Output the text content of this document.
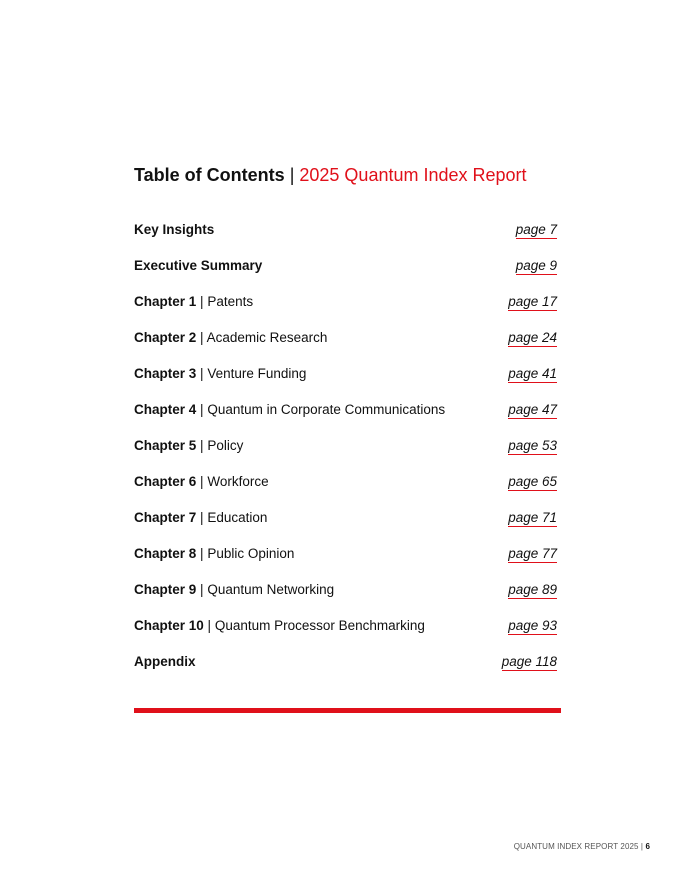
Table of Contents | 2025 Quantum Index Report
Key Insights	page 7
Executive Summary	page 9
Chapter 1 | Patents	page 17
Chapter 2 | Academic Research	page 24
Chapter 3 | Venture Funding	page 41
Chapter 4 | Quantum in Corporate Communications	page 47
Chapter 5 | Policy	page 53
Chapter 6 | Workforce	page 65
Chapter 7 | Education	page 71
Chapter 8 | Public Opinion	page 77
Chapter 9 | Quantum Networking	page 89
Chapter 10 | Quantum Processor Benchmarking	page 93
Appendix	page 118
QUANTUM INDEX REPORT 2025 | 6
